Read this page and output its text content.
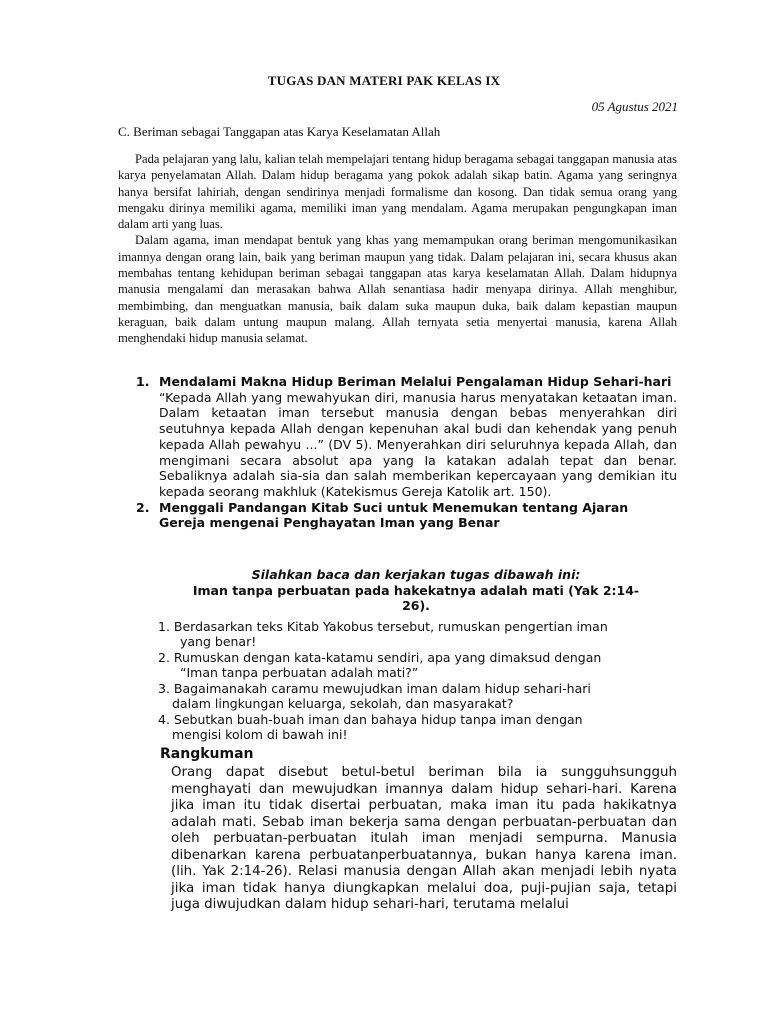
TUGAS DAN MATERI PAK KELAS IX
05 Agustus 2021
C. Beriman sebagai Tanggapan atas Karya Keselamatan Allah

Pada pelajaran yang lalu, kalian telah mempelajari tentang hidup beragama sebagai tanggapan manusia atas karya penyelamatan Allah. Dalam hidup beragama yang pokok adalah sikap batin. Agama yang seringnya hanya bersifat lahiriah, dengan sendirinya menjadi formalisme dan kosong. Dan tidak semua orang yang mengaku dirinya memiliki agama, memiliki iman yang mendalam. Agama merupakan pengungkapan iman dalam arti yang luas.

Dalam agama, iman mendapat bentuk yang khas yang memampukan orang beriman mengomunikasikan imannya dengan orang lain, baik yang beriman maupun yang tidak. Dalam pelajaran ini, secara khusus akan membahas tentang kehidupan beriman sebagai tanggapan atas karya keselamatan Allah. Dalam hidupnya manusia mengalami dan merasakan bahwa Allah senantiasa hadir menyapa dirinya. Allah menghibur, membimbing, dan menguatkan manusia, baik dalam suka maupun duka, baik dalam kepastian maupun keraguan, baik dalam untung maupun malang. Allah ternyata setia menyertai manusia, karena Allah menghendaki hidup manusia selamat.

1. Mendalami Makna Hidup Beriman Melalui Pengalaman Hidup Sehari-hari
“Kepada Allah yang mewahyukan diri, manusia harus menyatakan ketaatan iman. Dalam ketaatan iman tersebut manusia dengan bebas menyerahkan diri seutuhnya kepada Allah dengan kepenuhan akal budi dan kehendak yang penuh kepada Allah pewahyu ...” (DV 5). Menyerahkan diri seluruhnya kepada Allah, dan mengimani secara absolut apa yang Ia katakan adalah tepat dan benar. Sebaliknya adalah sia-sia dan salah memberikan kepercayaan yang demikian itu kepada seorang makhluk (Katekismus Gereja Katolik art. 150).
2. Menggali Pandangan Kitab Suci untuk Menemukan tentang Ajaran Gereja mengenai Penghayatan Iman yang Benar
Silahkan baca dan kerjakan tugas dibawah ini:
Iman tanpa perbuatan pada hakekatnya adalah mati (Yak 2:14-
26).
1. Berdasarkan teks Kitab Yakobus tersebut, rumuskan pengertian iman
yang benar!
2. Rumuskan dengan kata-katamu sendiri, apa yang dimaksud dengan
“Iman tanpa perbuatan adalah mati?”
3. Bagaimanakah caramu mewujudkan iman dalam hidup sehari-hari
dalam lingkungan keluarga, sekolah, dan masyarakat?
4. Sebutkan buah-buah iman dan bahaya hidup tanpa iman dengan
mengisi kolom di bawah ini!
Rangkuman
Orang dapat disebut betul-betul beriman bila ia sungguhsungguh menghayati dan mewujudkan imannya dalam hidup sehari-hari. Karena jika iman itu tidak disertai perbuatan, maka iman itu pada hakikatnya adalah mati. Sebab iman bekerja sama dengan perbuatan-perbuatan dan oleh perbuatan-perbuatan itulah iman menjadi sempurna. Manusia dibenarkan karena perbuatanperbuatannya, bukan hanya karena iman. (lih. Yak 2:14-26). Relasi manusia dengan Allah akan menjadi lebih nyata jika iman tidak hanya diungkapkan melalui doa, puji-pujian saja, tetapi juga diwujudkan dalam hidup sehari-hari, terutama melalui
